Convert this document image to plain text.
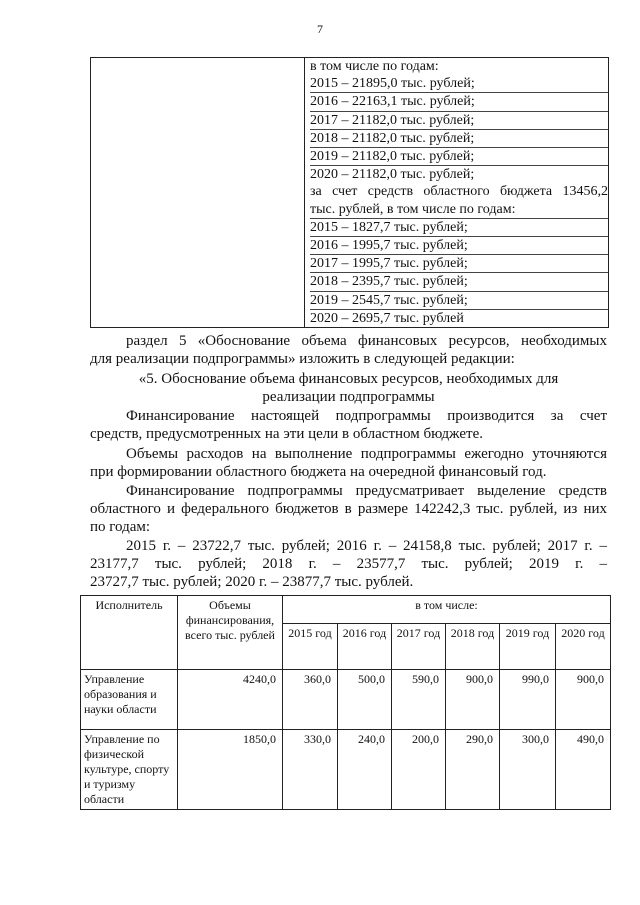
7

в том числе по годам:
2015 – 21895,0 тыс. рублей;
2016 – 22163,1 тыс. рублей;
2017 – 21182,0 тыс. рублей;
2018 – 21182,0 тыс. рублей;
2019 – 21182,0 тыс. рублей;
2020 – 21182,0 тыс. рублей;
за счет средств областного бюджета 13456,2
тыс. рублей, в том числе по годам:
2015 – 1827,7 тыс. рублей;
2016 – 1995,7 тыс. рублей;
2017 – 1995,7 тыс. рублей;
2018 – 2395,7 тыс. рублей;
2019 – 2545,7 тыс. рублей;
2020 – 2695,7 тыс. рублей
раздел 5 «Обоснование объема финансовых ресурсов, необходимых
для реализации подпрограммы» изложить в следующей редакции:
«5. Обоснование объема финансовых ресурсов, необходимых для
реализации подпрограммы
Финансирование настоящей подпрограммы производится за счет
средств, предусмотренных на эти цели в областном бюджете.
Объемы расходов на выполнение подпрограммы ежегодно уточняются
при формировании областного бюджета на очередной финансовый год.
Финансирование подпрограммы предусматривает выделение средств
областного и федерального бюджетов в размере 142242,3 тыс. рублей, из них
по годам:
2015 г. – 23722,7 тыс. рублей; 2016 г. – 24158,8 тыс. рублей; 2017 г. –
23177,7 тыс. рублей; 2018 г. – 23577,7 тыс. рублей; 2019 г. –
23727,7 тыс. рублей; 2020 г. – 23877,7 тыс. рублей.
Исполнитель	Объемы финансирования, всего тыс. рублей	в том числе:					
		2015 год	2016 год	2017 год	2018 год	2019 год	2020 год
Управление образования и науки области	4240,0	360,0	500,0	590,0	900,0	990,0	900,0
Управление по физической культуре, спорту и туризму области	1850,0	330,0	240,0	200,0	290,0	300,0	490,0
